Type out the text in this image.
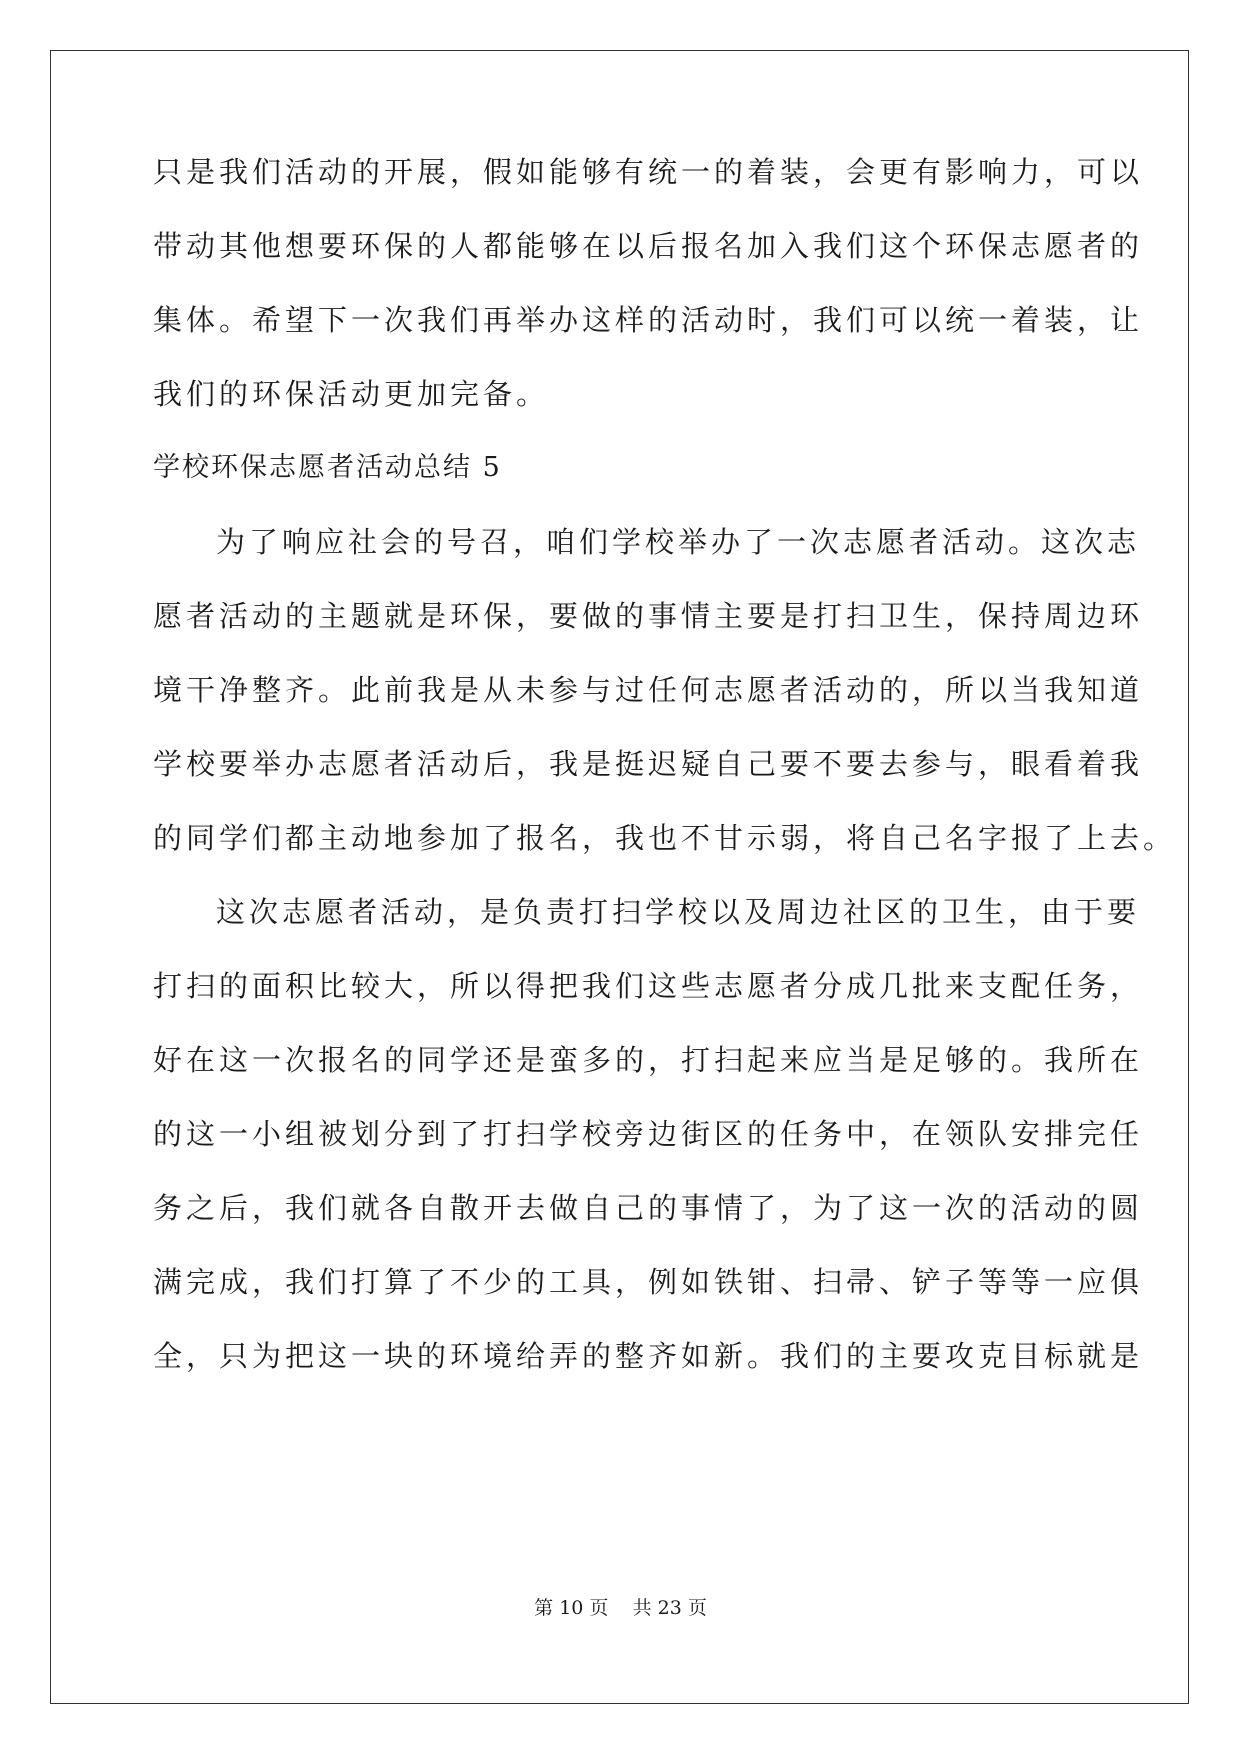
只是我们活动的开展，假如能够有统一的着装，会更有影响力，可以
带动其他想要环保的人都能够在以后报名加入我们这个环保志愿者的
集体。希望下一次我们再举办这样的活动时，我们可以统一着装，让
我们的环保活动更加完备。
学校环保志愿者活动总结 5
为了响应社会的号召，咱们学校举办了一次志愿者活动。这次志
愿者活动的主题就是环保，要做的事情主要是打扫卫生，保持周边环
境干净整齐。此前我是从未参与过任何志愿者活动的，所以当我知道
学校要举办志愿者活动后，我是挺迟疑自己要不要去参与，眼看着我
的同学们都主动地参加了报名，我也不甘示弱，将自己名字报了上去。
这次志愿者活动，是负责打扫学校以及周边社区的卫生，由于要
打扫的面积比较大，所以得把我们这些志愿者分成几批来支配任务，
好在这一次报名的同学还是蛮多的，打扫起来应当是足够的。我所在
的这一小组被划分到了打扫学校旁边街区的任务中，在领队安排完任
务之后，我们就各自散开去做自己的事情了，为了这一次的活动的圆
满完成，我们打算了不少的工具，例如铁钳、扫帚、铲子等等一应俱
全，只为把这一块的环境给弄的整齐如新。我们的主要攻克目标就是
第 10 页    共 23 页
